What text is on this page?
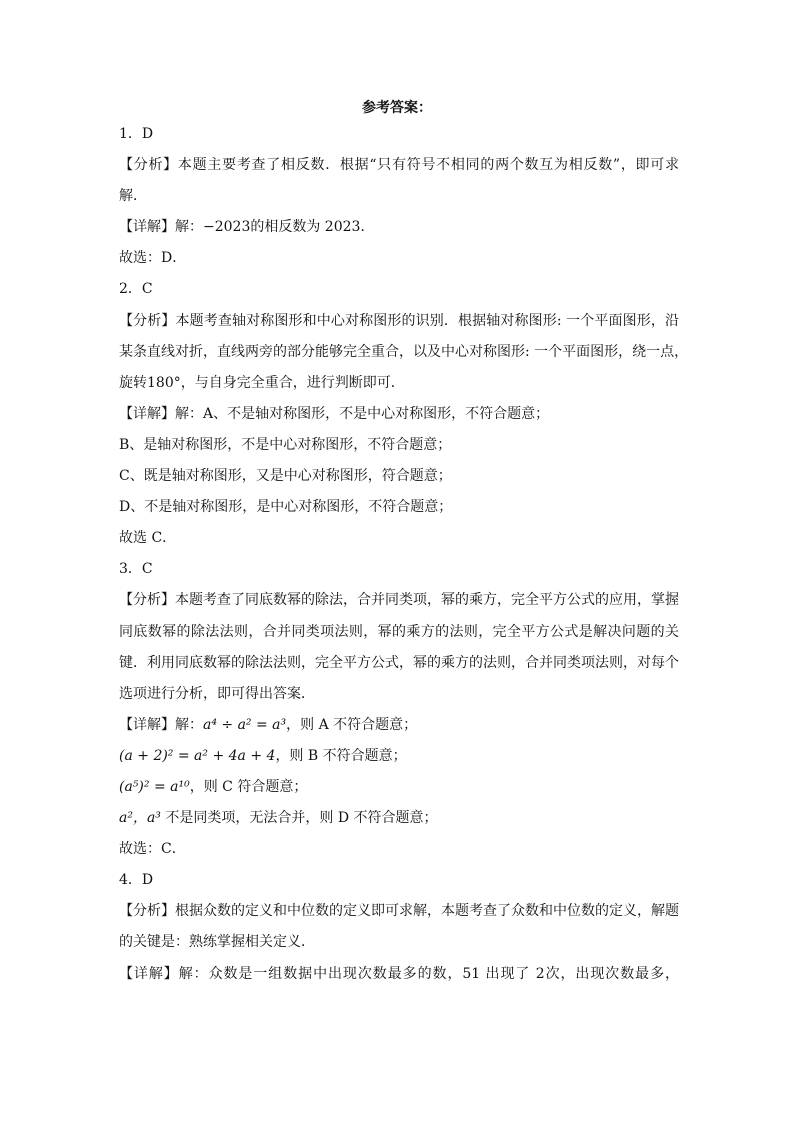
参考答案：

1．D

【分析】本题主要考查了相反数．根据“只有符号不相同的两个数互为相反数”，即可求

解．

【详解】解：−2023的相反数为 2023．

故选：D．

2．C

【分析】本题考查轴对称图形和中心对称图形的识别．根据轴对称图形: 一个平面图形，沿

某条直线对折，直线两旁的部分能够完全重合，以及中心对称图形: 一个平面图形，绕一点，

旋转180°，与自身完全重合，进行判断即可．

【详解】解：A、不是轴对称图形，不是中心对称图形，不符合题意；

B、是轴对称图形，不是中心对称图形，不符合题意；

C、既是轴对称图形，又是中心对称图形，符合题意；

D、不是轴对称图形，是中心对称图形，不符合题意；

故选 C．

3．C

【分析】本题考查了同底数幂的除法，合并同类项，幂的乘方，完全平方公式的应用，掌握

同底数幂的除法法则，合并同类项法则，幂的乘方的法则，完全平方公式是解决问题的关

键．利用同底数幂的除法法则，完全平方公式，幂的乘方的法则，合并同类项法则，对每个

选项进行分析，即可得出答案．

【详解】解：a⁴ ÷ a² = a³，则 A 不符合题意；

(a + 2)² = a² + 4a + 4，则 B 不符合题意；

(a⁵)² = a¹⁰，则 C 符合题意；

a²，a³ 不是同类项，无法合并，则 D 不符合题意；

故选：C．

4．D

【分析】根据众数的定义和中位数的定义即可求解，本题考查了众数和中位数的定义，解题

的关键是：熟练掌握相关定义．

【详解】解：众数是一组数据中出现次数最多的数，51 出现了 2次，出现次数最多，
